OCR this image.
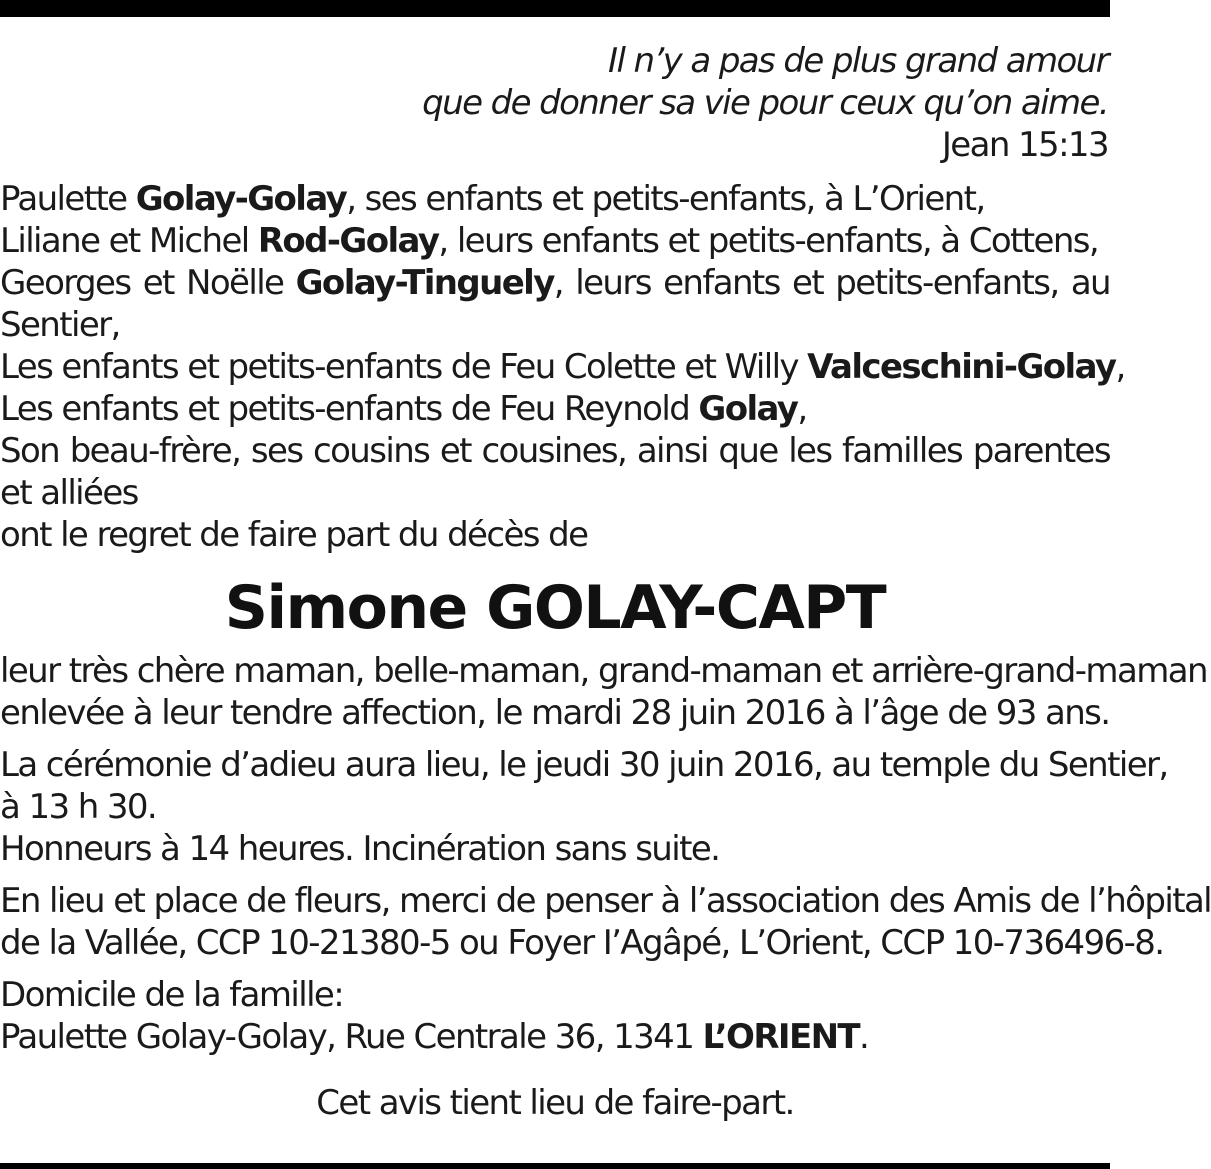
Il n’y a pas de plus grand amour
que de donner sa vie pour ceux qu’on aime.
Jean 15:13
Paulette Golay-Golay, ses enfants et petits-enfants, à L’Orient,
Liliane et Michel Rod-Golay, leurs enfants et petits-enfants, à Cottens,
Georges et Noëlle Golay-Tinguely, leurs enfants et petits-enfants, au Sentier,
Les enfants et petits-enfants de Feu Colette et Willy Valceschini-Golay,
Les enfants et petits-enfants de Feu Reynold Golay,
Son beau-frère, ses cousins et cousines, ainsi que les familles parentes et alliées
ont le regret de faire part du décès de
Simone GOLAY-CAPT
leur très chère maman, belle-maman, grand-maman et arrière-grand-maman
enlevée à leur tendre affection, le mardi 28 juin 2016 à l’âge de 93 ans.
La cérémonie d’adieu aura lieu, le jeudi 30 juin 2016, au temple du Sentier,
à 13 h 30.
Honneurs à 14 heures. Incinération sans suite.
En lieu et place de fleurs, merci de penser à l’association des Amis de l’hôpital
de la Vallée, CCP 10-21380-5 ou Foyer I’Agâpé, L’Orient, CCP 10-736496-8.
Domicile de la famille:
Paulette Golay-Golay, Rue Centrale 36, 1341 L’ORIENT.
Cet avis tient lieu de faire-part.
